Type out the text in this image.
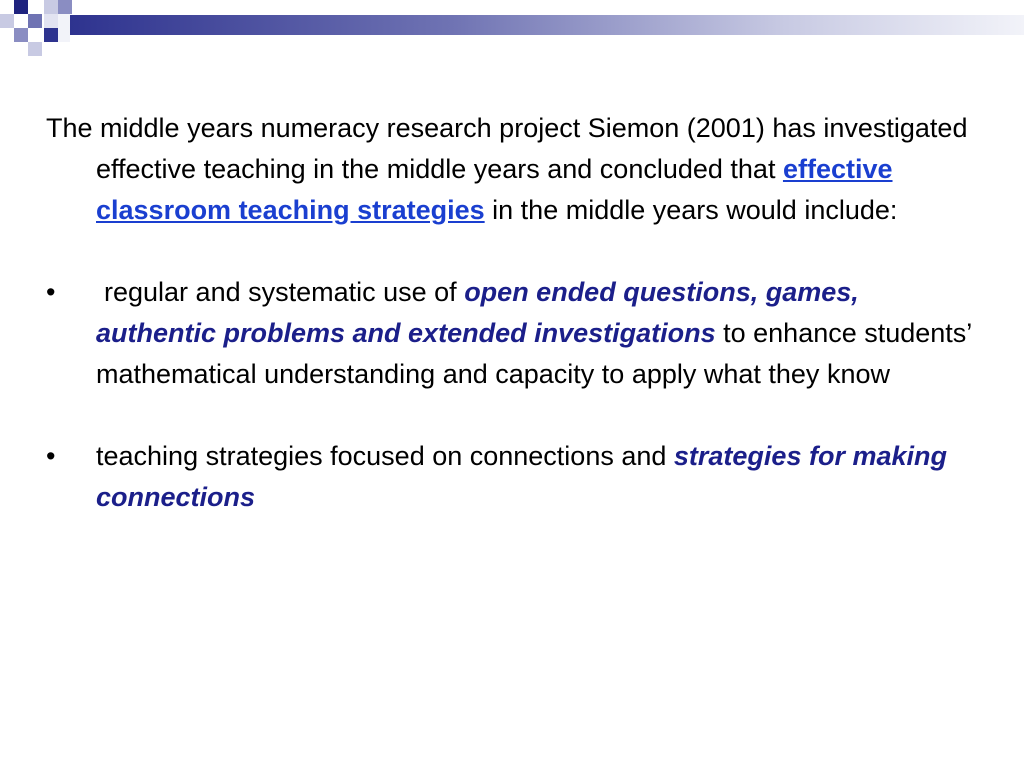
The middle years numeracy research project Siemon (2001) has investigated effective teaching in the middle years and concluded that effective classroom teaching strategies in the middle years would include:

•	regular and systematic use of open ended questions, games, authentic problems and extended investigations to enhance students’ mathematical understanding and capacity to apply what they know

•	teaching strategies focused on connections and strategies for making connections
